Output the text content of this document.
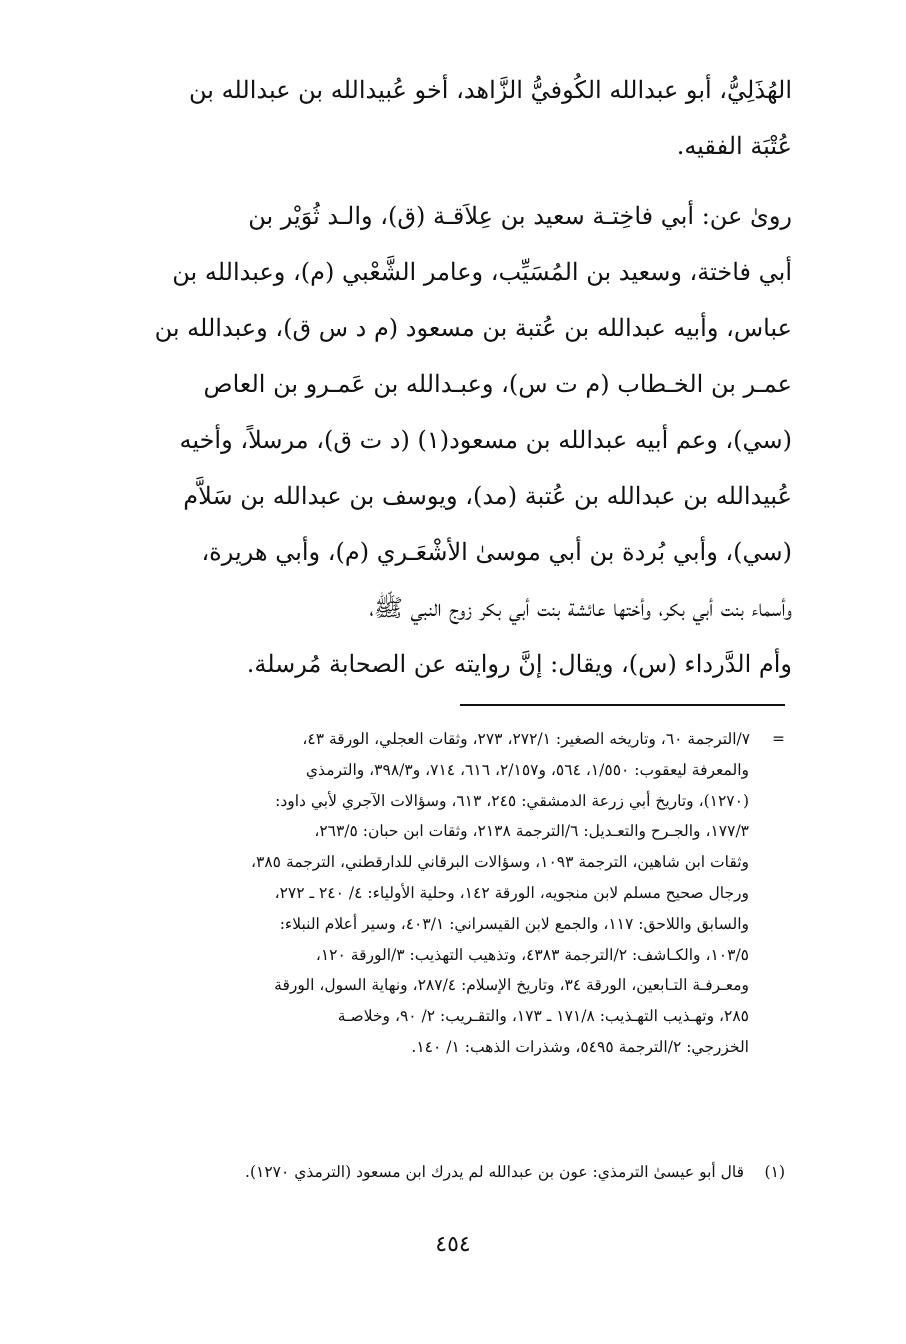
الهُذَلِيُّ، أبو عبدالله الكُوفيُّ الزَّاهد، أخو عُبيدالله بن عبدالله بن
عُتْبَة الفقيه.
روىٰ عن: أبي فاخِتـة سعيد بن عِلاَقـة (ق)، والـد ثُوَيْر بن
أبي فاختة، وسعيد بن المُسَيِّب، وعامر الشَّعْبي (م)، وعبدالله بن
عباس، وأبيه عبدالله بن عُتبة بن مسعود (م د س ق)، وعبدالله بن
عمـر بن الخـطاب (م ت س)، وعبـدالله بن عَمـرو بن العاص
(سي)، وعم أبيه عبدالله بن مسعود(١) (د ت ق)، مرسلاً، وأخيه
عُبيدالله بن عبدالله بن عُتبة (مد)، ويوسف بن عبدالله بن سَلاَّم
(سي)، وأبي بُردة بن أبي موسىٰ الأشْعَـري (م)، وأبي هريرة،
وأسماء بنت أبي بكر، وأختها عائشة بنت أبي بكر زوج النبي ﷺ،
وأم الدَّرداء (س)، ويقال: إنَّ روايته عن الصحابة مُرسلة.
= ٧/الترجمة ٦٠، وتاريخه الصغير: ٢٧٢/١، ٢٧٣، وثقات العجلي، الورقة ٤٣،
والمعرفة ليعقوب: ١/٥٥٠، ٥٦٤، و٢/١٥٧، ٦١٦، ٧١٤، و٣٩٨/٣، والترمذي
(١٢٧٠)، وتاريخ أبي زرعة الدمشقي: ٢٤٥، ٦١٣، وسؤالات الآجري لأبي داود:
١٧٧/٣، والجـرح والتعـديل: ٦/الترجمة ٢١٣٨، وثقات ابن حبان: ٢٦٣/٥،
وثقات ابن شاهين، الترجمة ١٠٩٣، وسؤالات البرقاني للدارقطني، الترجمة ٣٨٥،
ورجال صحيح مسلم لابن منجويه، الورقة ١٤٢، وحلية الأولياء: ٤/ ٢٤٠ ـ ٢٧٢،
والسابق واللاحق: ١١٧، والجمع لابن القيسراني: ٤٠٣/١، وسير أعلام النبلاء:
١٠٣/٥، والكـاشف: ٢/الترجمة ٤٣٨٣، وتذهيب التهذيب: ٣/الورقة ١٢٠،
ومعـرفـة التـابعين، الورقة ٣٤، وتاريخ الإسلام: ٢٨٧/٤، ونهاية السول، الورقة
٢٨٥، وتهـذيب التهـذيب: ١٧١/٨ ـ ١٧٣، والتقـريب: ٢/ ٩٠، وخلاصـة
الخزرجي: ٢/الترجمة ٥٤٩٥، وشذرات الذهب: ١/ ١٤٠.
(١) قال أبو عيسىٰ الترمذي: عون بن عبدالله لم يدرك ابن مسعود (الترمذي ١٢٧٠).
٤٥٤
